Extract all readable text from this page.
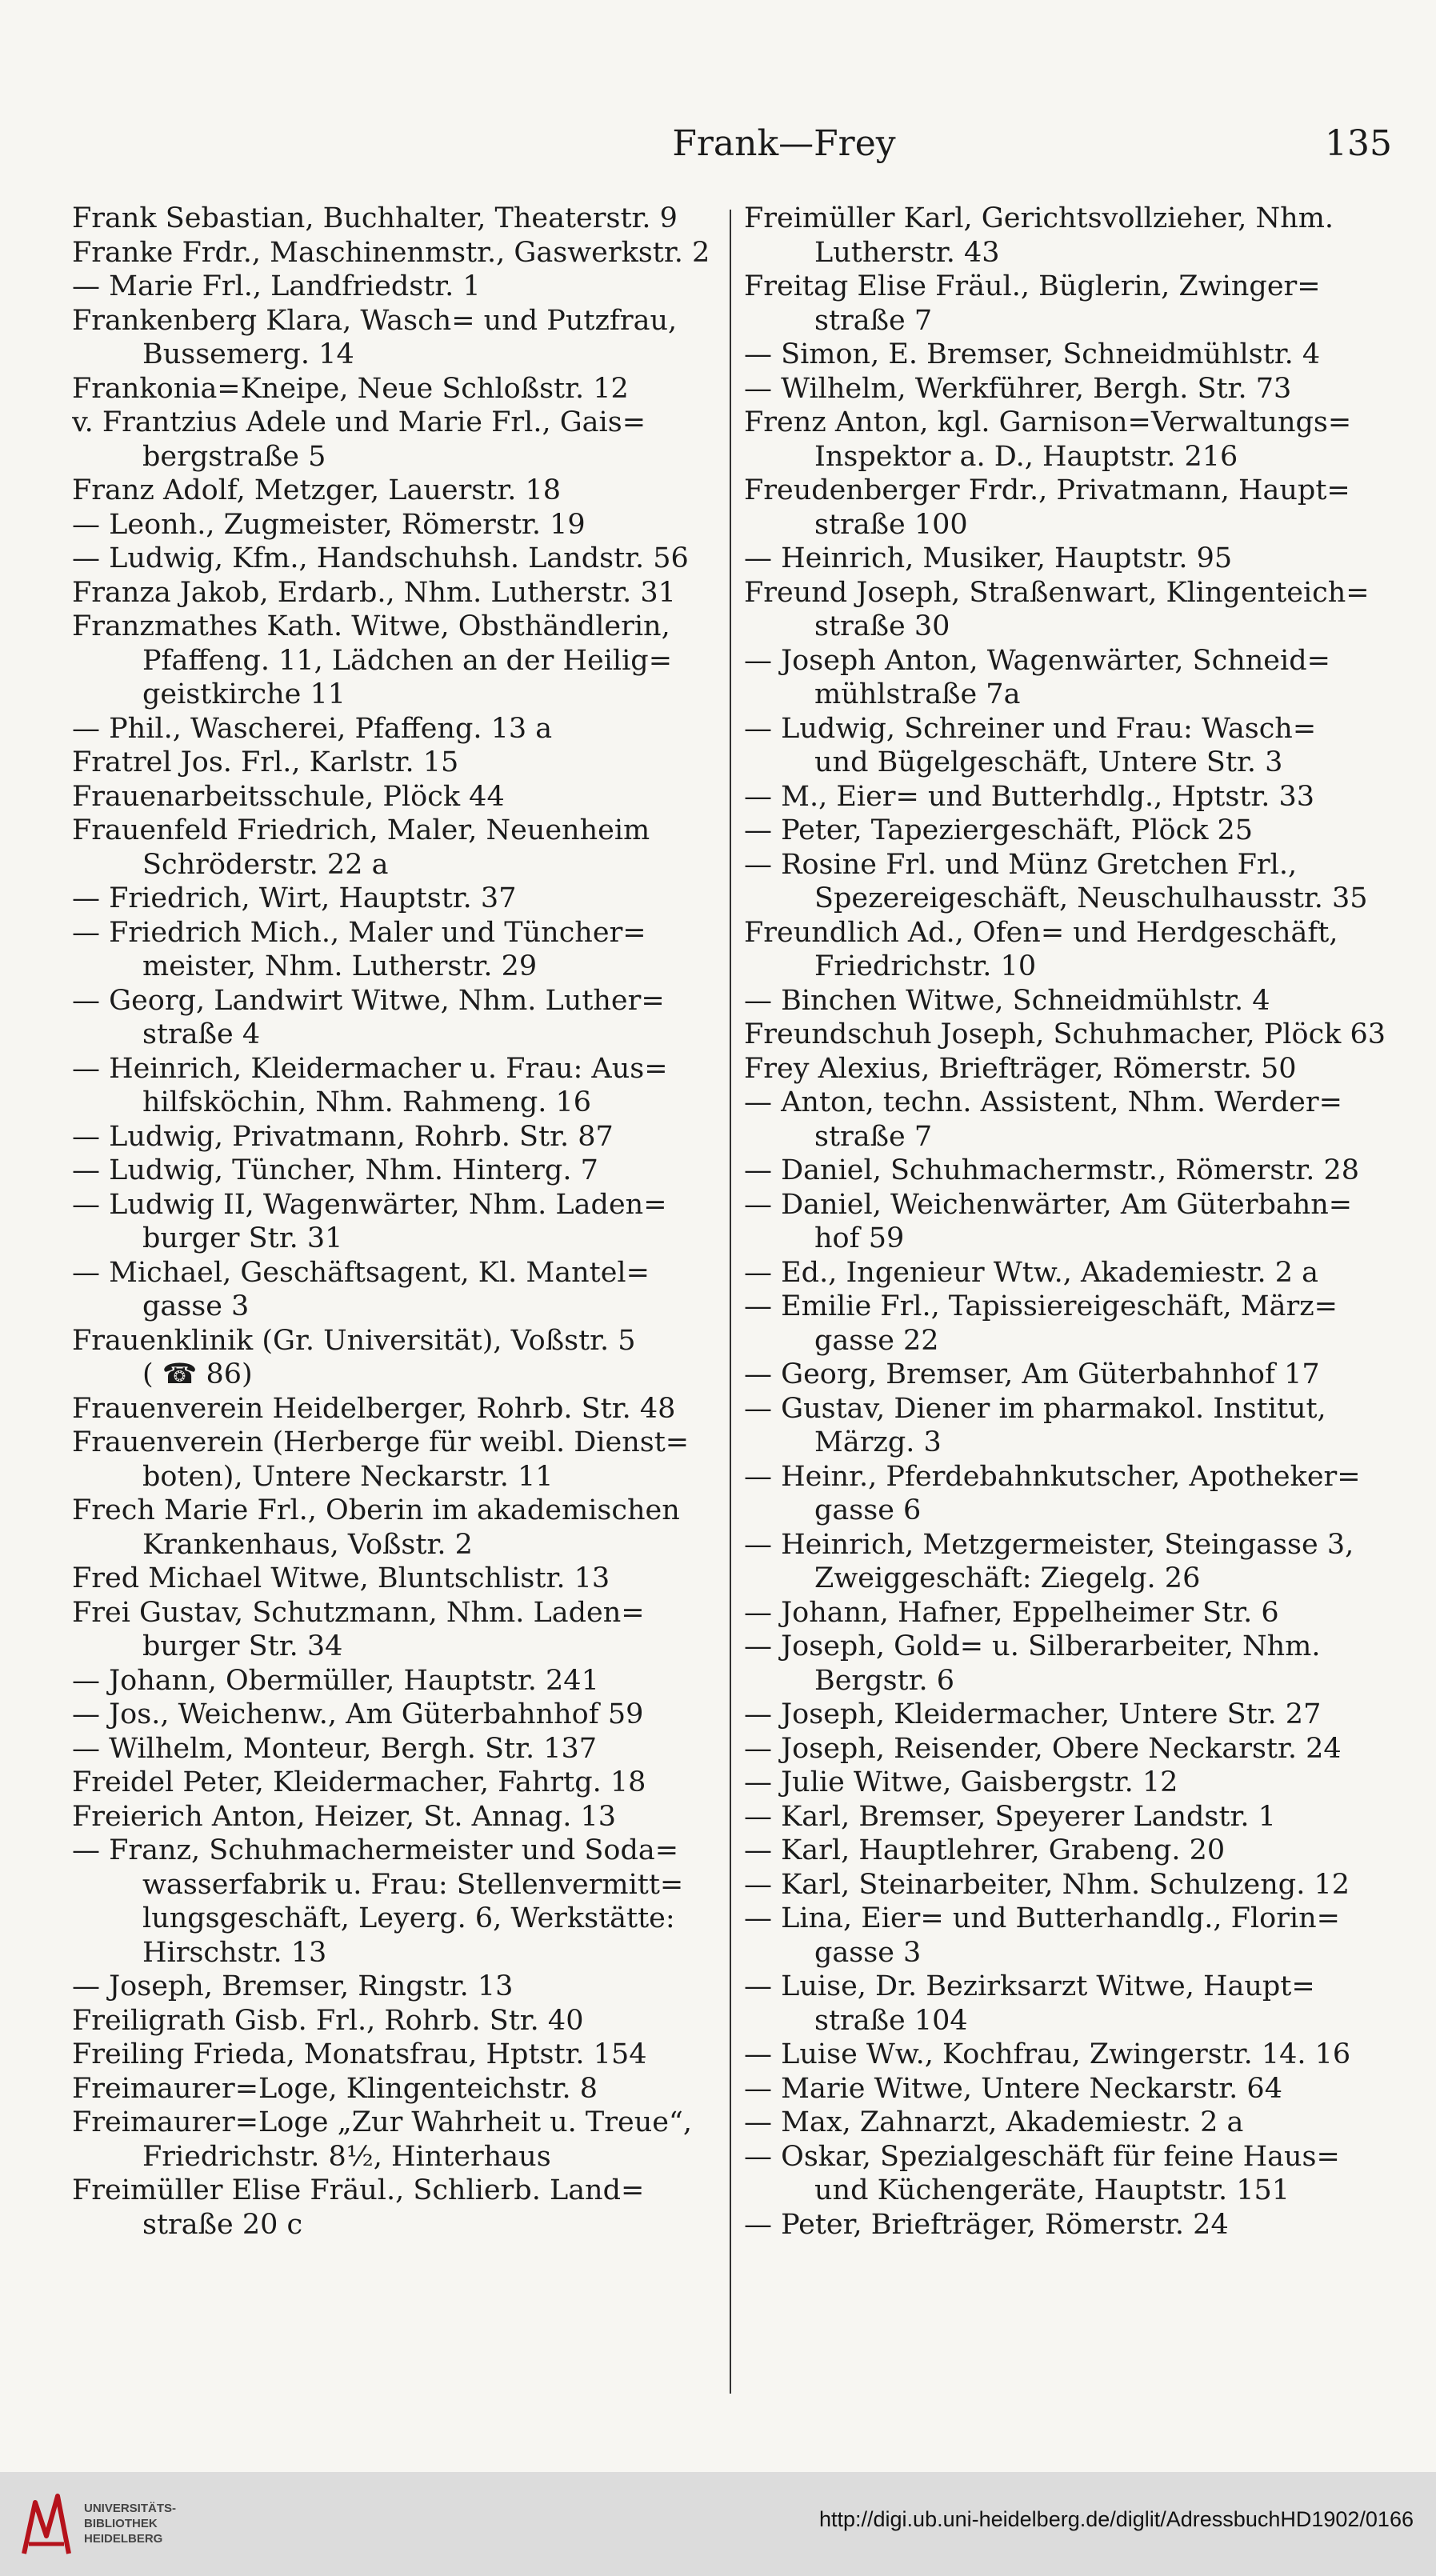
Frank—Frey	135
Frank Sebastian, Buchhalter, Theaterstr. 9
Franke Frdr., Maschinenmstr., Gaswerkstr. 2
— Marie Frl., Landfriedstr. 1
Frankenberg Klara, Wasch= und Putzfrau,
Bussemerg. 14
Frankonia=Kneipe, Neue Schloßstr. 12
v. Frantzius Adele und Marie Frl., Gais=
bergstraße 5
Franz Adolf, Metzger, Lauerstr. 18
— Leonh., Zugmeister, Römerstr. 19
— Ludwig, Kfm., Handschuhsh. Landstr. 56
Franza Jakob, Erdarb., Nhm. Lutherstr. 31
Franzmathes Kath. Witwe, Obsthändlerin,
Pfaffeng. 11, Lädchen an der Heilig=
geistkirche 11
— Phil., Wascherei, Pfaffeng. 13 a
Fratrel Jos. Frl., Karlstr. 15
Frauenarbeitsschule, Plöck 44
Frauenfeld Friedrich, Maler, Neuenheim
Schröderstr. 22 a
— Friedrich, Wirt, Hauptstr. 37
— Friedrich Mich., Maler und Tüncher=
meister, Nhm. Lutherstr. 29
— Georg, Landwirt Witwe, Nhm. Luther=
straße 4
— Heinrich, Kleidermacher u. Frau: Aus=
hilfsköchin, Nhm. Rahmeng. 16
— Ludwig, Privatmann, Rohrb. Str. 87
— Ludwig, Tüncher, Nhm. Hinterg. 7
— Ludwig II, Wagenwärter, Nhm. Laden=
burger Str. 31
— Michael, Geschäftsagent, Kl. Mantel=
gasse 3
Frauenklinik (Gr. Universität), Voßstr. 5
( ☎ 86)
Frauenverein Heidelberger, Rohrb. Str. 48
Frauenverein (Herberge für weibl. Dienst=
boten), Untere Neckarstr. 11
Frech Marie Frl., Oberin im akademischen
Krankenhaus, Voßstr. 2
Fred Michael Witwe, Bluntschlistr. 13
Frei Gustav, Schutzmann, Nhm. Laden=
burger Str. 34
— Johann, Obermüller, Hauptstr. 241
— Jos., Weichenw., Am Güterbahnhof 59
— Wilhelm, Monteur, Bergh. Str. 137
Freidel Peter, Kleidermacher, Fahrtg. 18
Freierich Anton, Heizer, St. Annag. 13
— Franz, Schuhmachermeister und Soda=
wasserfabrik u. Frau: Stellenvermitt=
lungsgeschäft, Leyerg. 6, Werkstätte:
Hirschstr. 13
— Joseph, Bremser, Ringstr. 13
Freiligrath Gisb. Frl., Rohrb. Str. 40
Freiling Frieda, Monatsfrau, Hptstr. 154
Freimaurer=Loge, Klingenteichstr. 8
Freimaurer=Loge „Zur Wahrheit u. Treue“,
Friedrichstr. 8½, Hinterhaus
Freimüller Elise Fräul., Schlierb. Land=
straße 20 c
Freimüller Karl, Gerichtsvollzieher, Nhm.
Lutherstr. 43
Freitag Elise Fräul., Büglerin, Zwinger=
straße 7
— Simon, E. Bremser, Schneidmühlstr. 4
— Wilhelm, Werkführer, Bergh. Str. 73
Frenz Anton, kgl. Garnison=Verwaltungs=
Inspektor a. D., Hauptstr. 216
Freudenberger Frdr., Privatmann, Haupt=
straße 100
— Heinrich, Musiker, Hauptstr. 95
Freund Joseph, Straßenwart, Klingenteich=
straße 30
— Joseph Anton, Wagenwärter, Schneid=
mühlstraße 7a
— Ludwig, Schreiner und Frau: Wasch=
und Bügelgeschäft, Untere Str. 3
— M., Eier= und Butterhdlg., Hptstr. 33
— Peter, Tapeziergeschäft, Plöck 25
— Rosine Frl. und Münz Gretchen Frl.,
Spezereigeschäft, Neuschulhausstr. 35
Freundlich Ad., Ofen= und Herdgeschäft,
Friedrichstr. 10
— Binchen Witwe, Schneidmühlstr. 4
Freundschuh Joseph, Schuhmacher, Plöck 63
Frey Alexius, Briefträger, Römerstr. 50
— Anton, techn. Assistent, Nhm. Werder=
straße 7
— Daniel, Schuhmachermstr., Römerstr. 28
— Daniel, Weichenwärter, Am Güterbahn=
hof 59
— Ed., Ingenieur Wtw., Akademiestr. 2 a
— Emilie Frl., Tapissiereigeschäft, März=
gasse 22
— Georg, Bremser, Am Güterbahnhof 17
— Gustav, Diener im pharmakol. Institut,
Märzg. 3
— Heinr., Pferdebahnkutscher, Apotheker=
gasse 6
— Heinrich, Metzgermeister, Steingasse 3,
Zweiggeschäft: Ziegelg. 26
— Johann, Hafner, Eppelheimer Str. 6
— Joseph, Gold= u. Silberarbeiter, Nhm.
Bergstr. 6
— Joseph, Kleidermacher, Untere Str. 27
— Joseph, Reisender, Obere Neckarstr. 24
— Julie Witwe, Gaisbergstr. 12
— Karl, Bremser, Speyerer Landstr. 1
— Karl, Hauptlehrer, Grabeng. 20
— Karl, Steinarbeiter, Nhm. Schulzeng. 12
— Lina, Eier= und Butterhandlg., Florin=
gasse 3
— Luise, Dr. Bezirksarzt Witwe, Haupt=
straße 104
— Luise Ww., Kochfrau, Zwingerstr. 14. 16
— Marie Witwe, Untere Neckarstr. 64
— Max, Zahnarzt, Akademiestr. 2 a
— Oskar, Spezialgeschäft für feine Haus=
und Küchengeräte, Hauptstr. 151
— Peter, Briefträger, Römerstr. 24
UNIVERSITÄTS-
BIBLIOTHEK
HEIDELBERG
http://digi.ub.uni-heidelberg.de/diglit/AdressbuchHD1902/0166
